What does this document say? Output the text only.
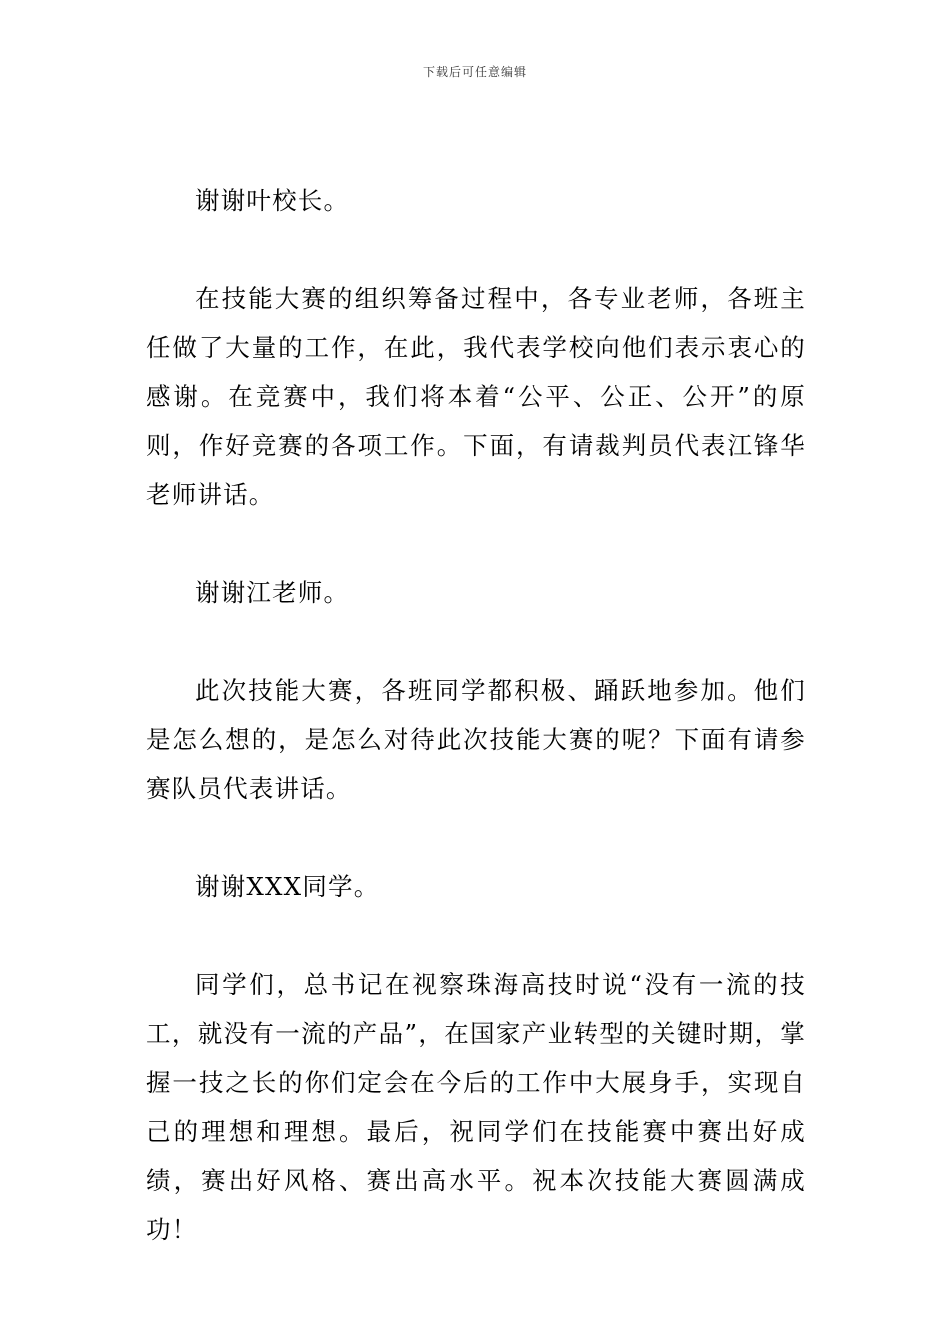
下载后可任意编辑

谢谢叶校长。

在技能大赛的组织筹备过程中，各专业老师，各班主任做了大量的工作，在此，我代表学校向他们表示衷心的感谢。在竞赛中，我们将本着“公平、公正、公开”的原则，作好竞赛的各项工作。下面，有请裁判员代表江锋华老师讲话。

谢谢江老师。

此次技能大赛，各班同学都积极、踊跃地参加。他们是怎么想的，是怎么对待此次技能大赛的呢？下面有请参赛队员代表讲话。

谢谢XXX同学。

同学们，总书记在视察珠海高技时说“没有一流的技工，就没有一流的产品”，在国家产业转型的关键时期，掌握一技之长的你们定会在今后的工作中大展身手，实现自己的理想和理想。最后，祝同学们在技能赛中赛出好成绩，赛出好风格、赛出高水平。祝本次技能大赛圆满成功！
